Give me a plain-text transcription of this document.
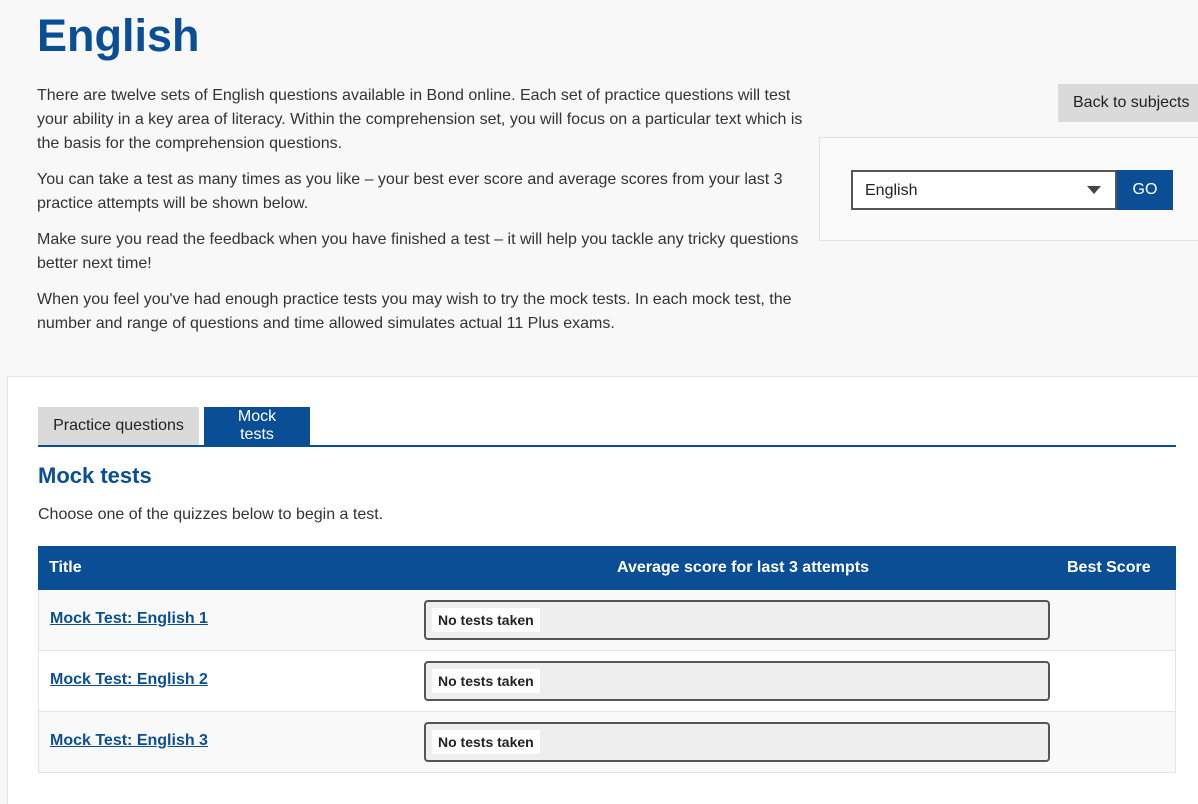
English

There are twelve sets of English questions available in Bond online. Each set of practice questions will test your ability in a key area of literacy. Within the comprehension set, you will focus on a particular text which is the basis for the comprehension questions.

You can take a test as many times as you like – your best ever score and average scores from your last 3 practice attempts will be shown below.

Make sure you read the feedback when you have finished a test – it will help you tackle any tricky questions better next time!

When you feel you've had enough practice tests you may wish to try the mock tests. In each mock test, the number and range of questions and time allowed simulates actual 11 Plus exams.

Back to subjects
English	GO
Practice questions
Mock tests
Mock tests

Choose one of the quizzes below to begin a test.

Title	Average score for last 3 attempts	Best Score
Mock Test: English 1	No tests taken
Mock Test: English 2	No tests taken
Mock Test: English 3	No tests taken
